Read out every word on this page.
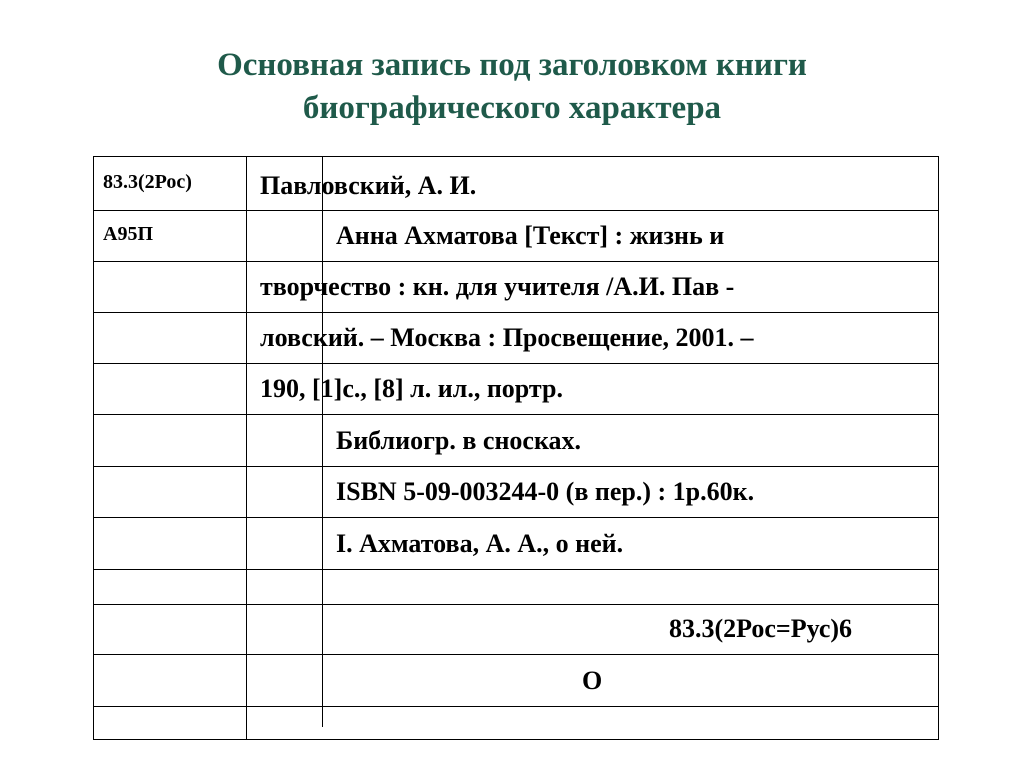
Основная запись под заголовком книги
биографического характера
83.3(2Рос)
А95П
Павловский, А. И.
Анна Ахматова [Текст] : жизнь и
творчество : кн. для учителя /А.И. Пав -
ловский. – Москва : Просвещение, 2001. –
190, [1]с., [8] л. ил., портр.
Библиогр. в сносках.
ISBN 5-09-003244-0 (в пер.) : 1р.60к.
I. Ахматова, А. А., о ней.
83.3(2Рос=Рус)6
О
